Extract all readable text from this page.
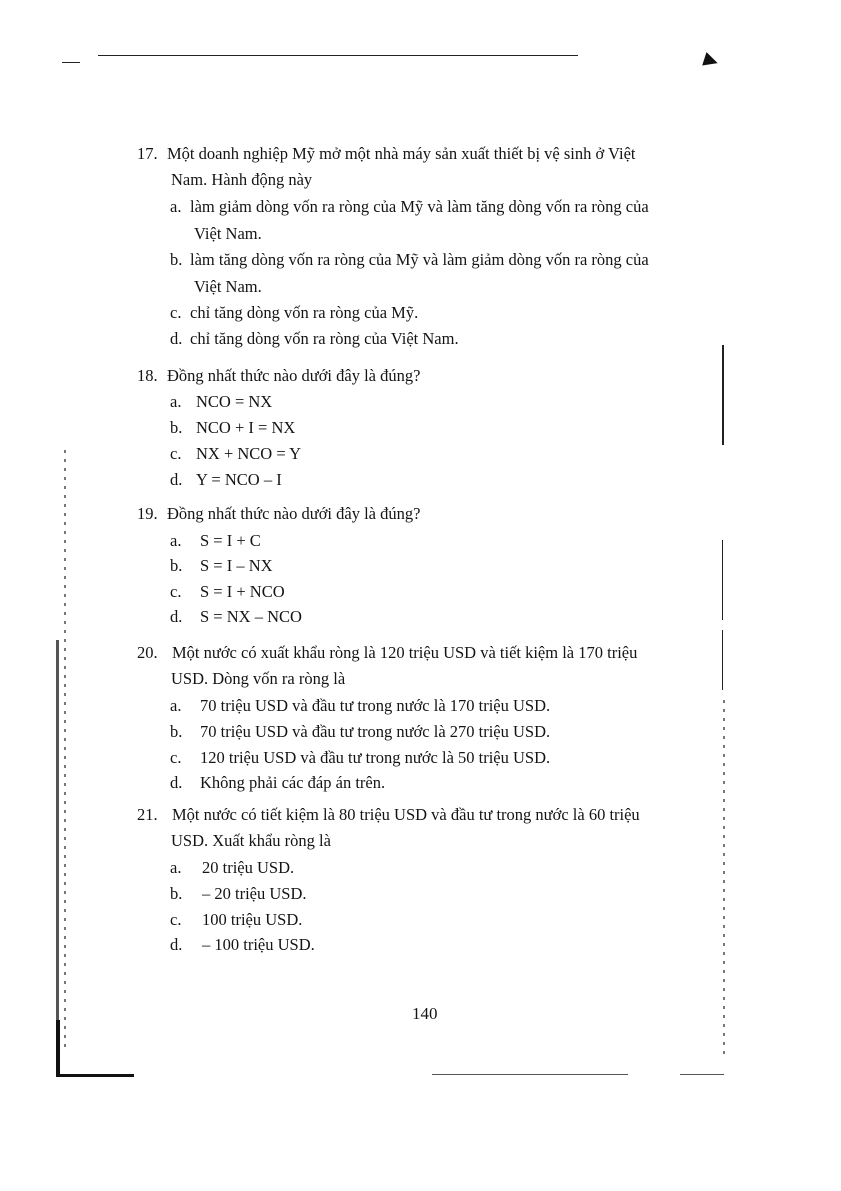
17. Một doanh nghiệp Mỹ mở một nhà máy sản xuất thiết bị vệ sinh ở Việt
Nam. Hành động này
a. làm giảm dòng vốn ra ròng của Mỹ và làm tăng dòng vốn ra ròng của
Việt Nam.
b. làm tăng dòng vốn ra ròng của Mỹ và làm giảm dòng vốn ra ròng của
Việt Nam.
c. chỉ tăng dòng vốn ra ròng của Mỹ.
d. chỉ tăng dòng vốn ra ròng của Việt Nam.
18. Đồng nhất thức nào dưới đây là đúng?
a. NCO = NX
b. NCO + I = NX
c. NX + NCO = Y
d. Y = NCO – I
19. Đồng nhất thức nào dưới đây là đúng?
a. S = I + C
b. S = I – NX
c. S = I + NCO
d. S = NX – NCO
20. Một nước có xuất khẩu ròng là 120 triệu USD và tiết kiệm là 170 triệu
USD. Dòng vốn ra ròng là
a. 70 triệu USD và đầu tư trong nước là 170 triệu USD.
b. 70 triệu USD và đầu tư trong nước là 270 triệu USD.
c. 120 triệu USD và đầu tư trong nước là 50 triệu USD.
d. Không phải các đáp án trên.
21. Một nước có tiết kiệm là 80 triệu USD và đầu tư trong nước là 60 triệu
USD. Xuất khẩu ròng là
a. 20 triệu USD.
b. – 20 triệu USD.
c. 100 triệu USD.
d. – 100 triệu USD.
140
